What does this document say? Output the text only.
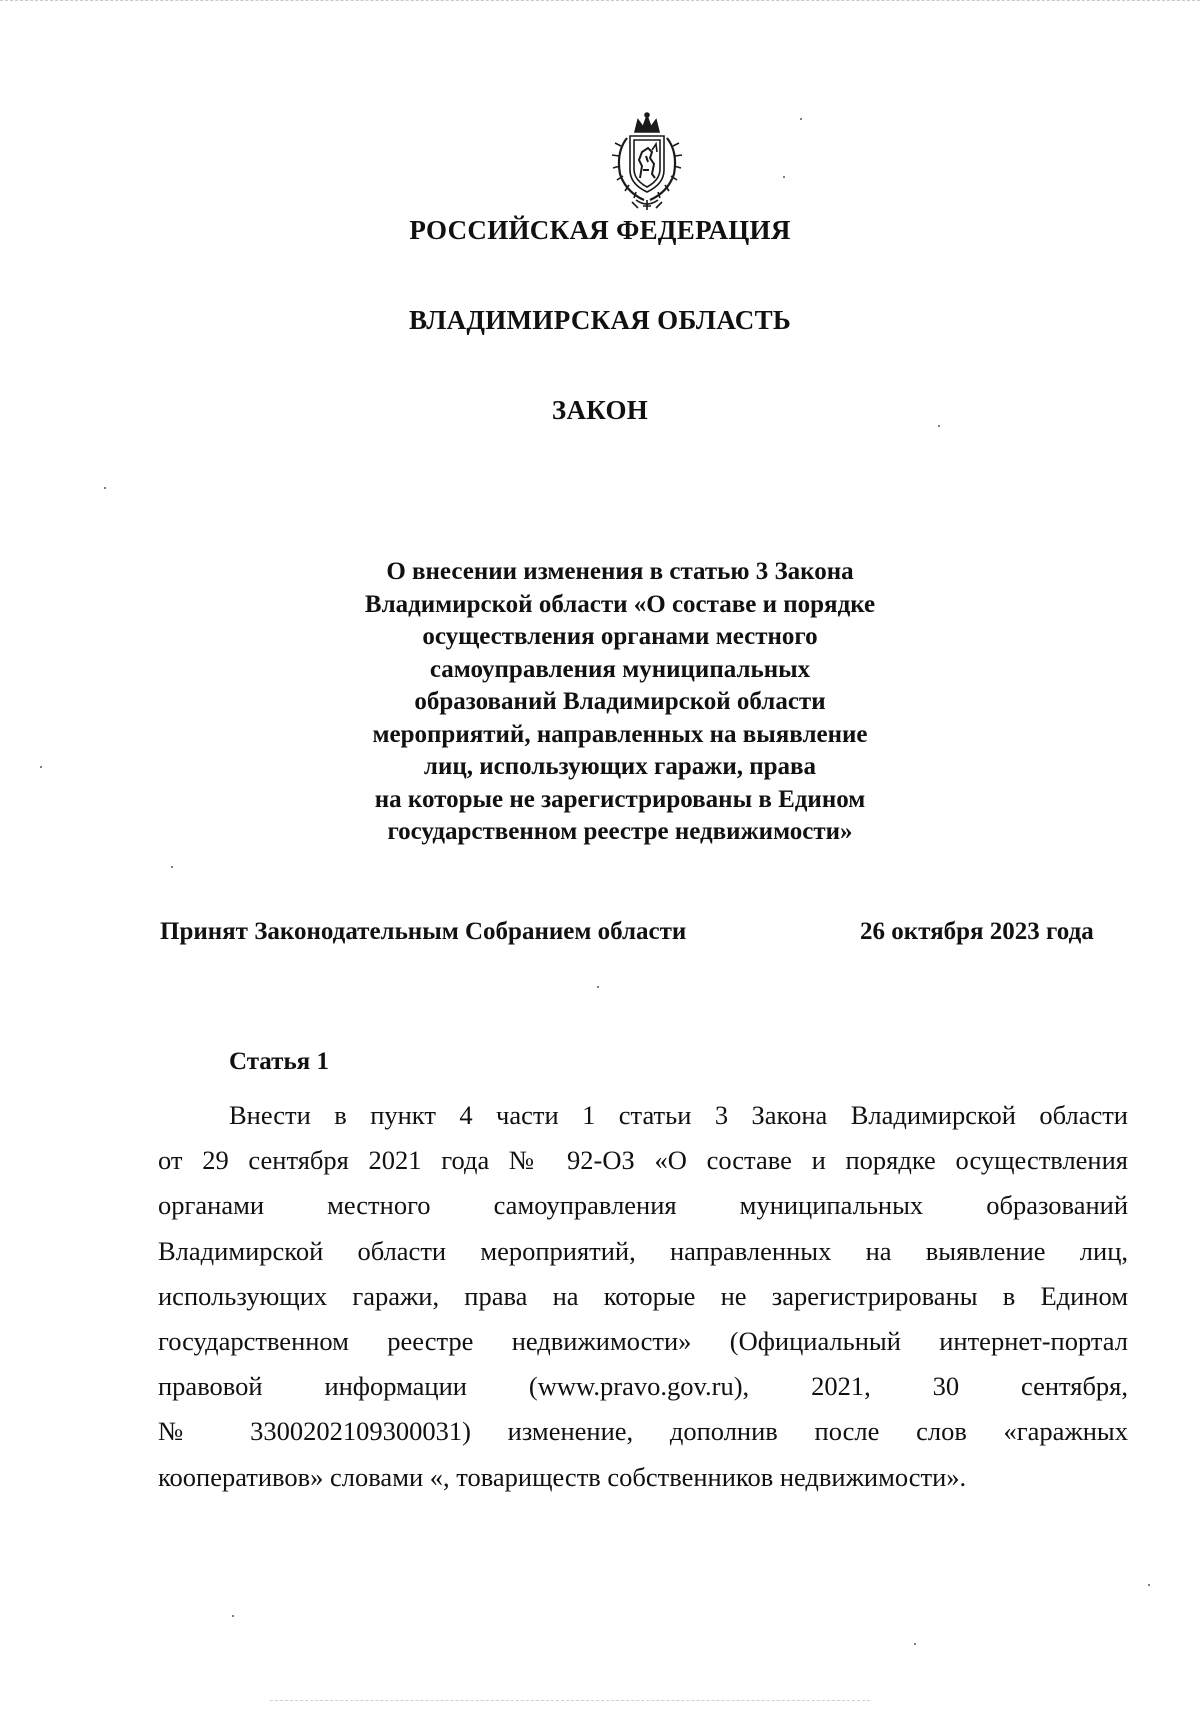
РОССИЙСКАЯ ФЕДЕРАЦИЯ
ВЛАДИМИРСКАЯ ОБЛАСТЬ
ЗАКОН
О внесении изменения в статью 3 Закона
Владимирской области «О составе и порядке
осуществления органами местного
самоуправления муниципальных
образований Владимирской области
мероприятий, направленных на выявление
лиц, использующих гаражи, права
на которые не зарегистрированы в Едином
государственном реестре недвижимости»
Принят Законодательным Собранием области	26 октября 2023 года
Статья 1
Внести в пункт 4 части 1 статьи 3 Закона Владимирской области
от 29 сентября 2021 года № 92-ОЗ «О составе и порядке осуществления
органами местного самоуправления муниципальных образований
Владимирской области мероприятий, направленных на выявление лиц,
использующих гаражи, права на которые не зарегистрированы в Едином
государственном реестре недвижимости» (Официальный интернет-портал
правовой информации (www.pravo.gov.ru), 2021, 30 сентября,
№ 3300202109300031) изменение, дополнив после слов «гаражных
кооперативов» словами «, товариществ собственников недвижимости».
